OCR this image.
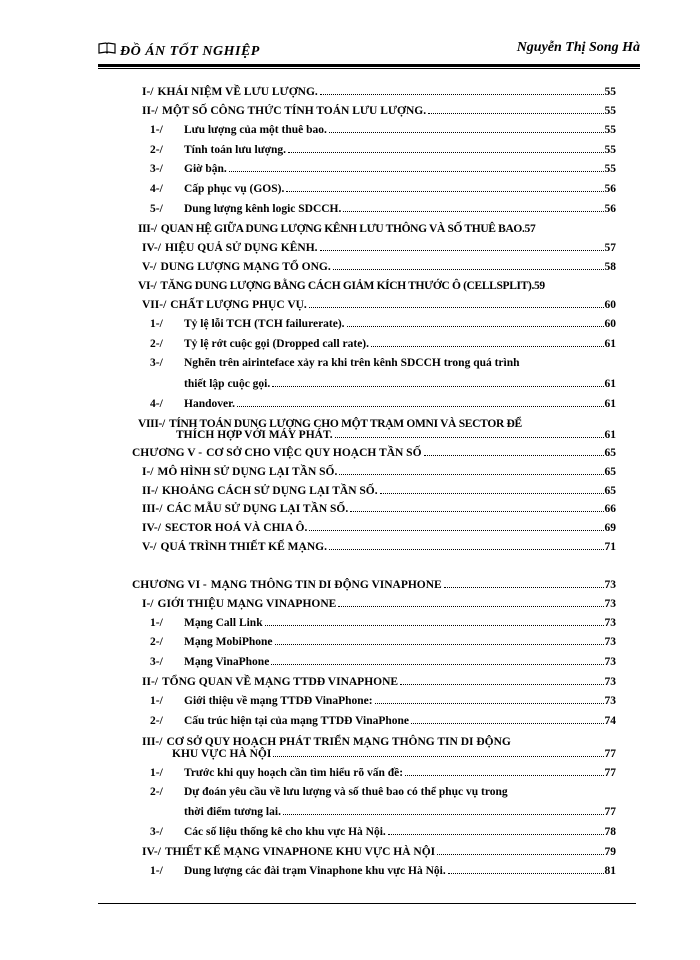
ĐỒ ÁN TỐT NGHIỆP	Nguyễn Thị Song Hà
I-/ KHÁI NIỆM VỀ LƯU LƯỢNG.	55
II-/ MỘT SỐ CÔNG THỨC TÍNH TOÁN LƯU LƯỢNG.	55
1-/	Lưu lượng của một thuê bao.	55
2-/	Tính toán lưu lượng.	55
3-/	Giờ bận.	55
4-/	Cấp phục vụ (GOS).	56
5-/	Dung lượng kênh logic SDCCH.	56
III-/ QUAN HỆ GIỮA DUNG LƯỢNG KÊNH LƯU THÔNG VÀ SỐ THUÊ BAO. 57
IV-/ HIỆU QUẢ SỬ DỤNG KÊNH.	57
V-/ DUNG LƯỢNG MẠNG TỔ ONG.	58
VI-/ TĂNG DUNG LƯỢNG BẰNG CÁCH GIẢM KÍCH THƯỚC Ô (CELLSPLIT). 59
VII-/ CHẤT LƯỢNG PHỤC VỤ.	60
1-/	Tỷ lệ lỗi TCH (TCH failurerate).	60
2-/	Tỷ lệ rớt cuộc gọi (Dropped call rate).	61
3-/	Nghẽn trên airinteface xảy ra khi trên kênh SDCCH trong quá trình
thiết lập cuộc gọi.	61
4-/	Handover.	61
VIII-/ TÍNH TOÁN DUNG LƯỢNG CHO MỘT TRẠM OMNI VÀ SECTOR ĐỂ
THÍCH HỢP VỚI MÁY PHÁT.	61
CHƯƠNG V - CƠ SỞ CHO VIỆC QUY HOẠCH TẦN SỐ	65
I-/ MÔ HÌNH SỬ DỤNG LẠI TẦN SỐ.	65
II-/ KHOẢNG CÁCH SỬ DỤNG LẠI TẦN SỐ.	65
III-/ CÁC MẪU SỬ DỤNG LẠI TẦN SỐ.	66
IV-/ SECTOR HOÁ VÀ CHIA Ô.	69
V-/ QUÁ TRÌNH THIẾT KẾ MẠNG.	71
CHƯƠNG VI - MẠNG THÔNG TIN DI ĐỘNG VINAPHONE	73
I-/ GIỚI THIỆU MẠNG VINAPHONE	73
1-/	Mạng Call Link	73
2-/	Mạng MobiPhone	73
3-/	Mạng VinaPhone	73
II-/ TỔNG QUAN VỀ MẠNG TTDĐ VINAPHONE	73
1-/	Giới thiệu về mạng TTDĐ VinaPhone:	73
2-/	Cấu trúc hiện tại của mạng TTDĐ VinaPhone	74
III-/ CƠ SỞ QUY HOẠCH PHÁT TRIỂN MẠNG THÔNG TIN DI ĐỘNG
KHU VỰC HÀ NỘI	77
1-/	Trước khi quy hoạch cần tìm hiểu rõ vấn đề:	77
2-/	Dự đoán yêu cầu về lưu lượng và số thuê bao có thể phục vụ trong
thời điểm tương lai.	77
3-/	Các số liệu thống kê cho khu vực Hà Nội.	78
IV-/ THIẾT KẾ MẠNG VINAPHONE KHU VỰC HÀ NỘI	79
1-/	Dung lượng các đài trạm Vinaphone khu vực Hà Nội.	81
